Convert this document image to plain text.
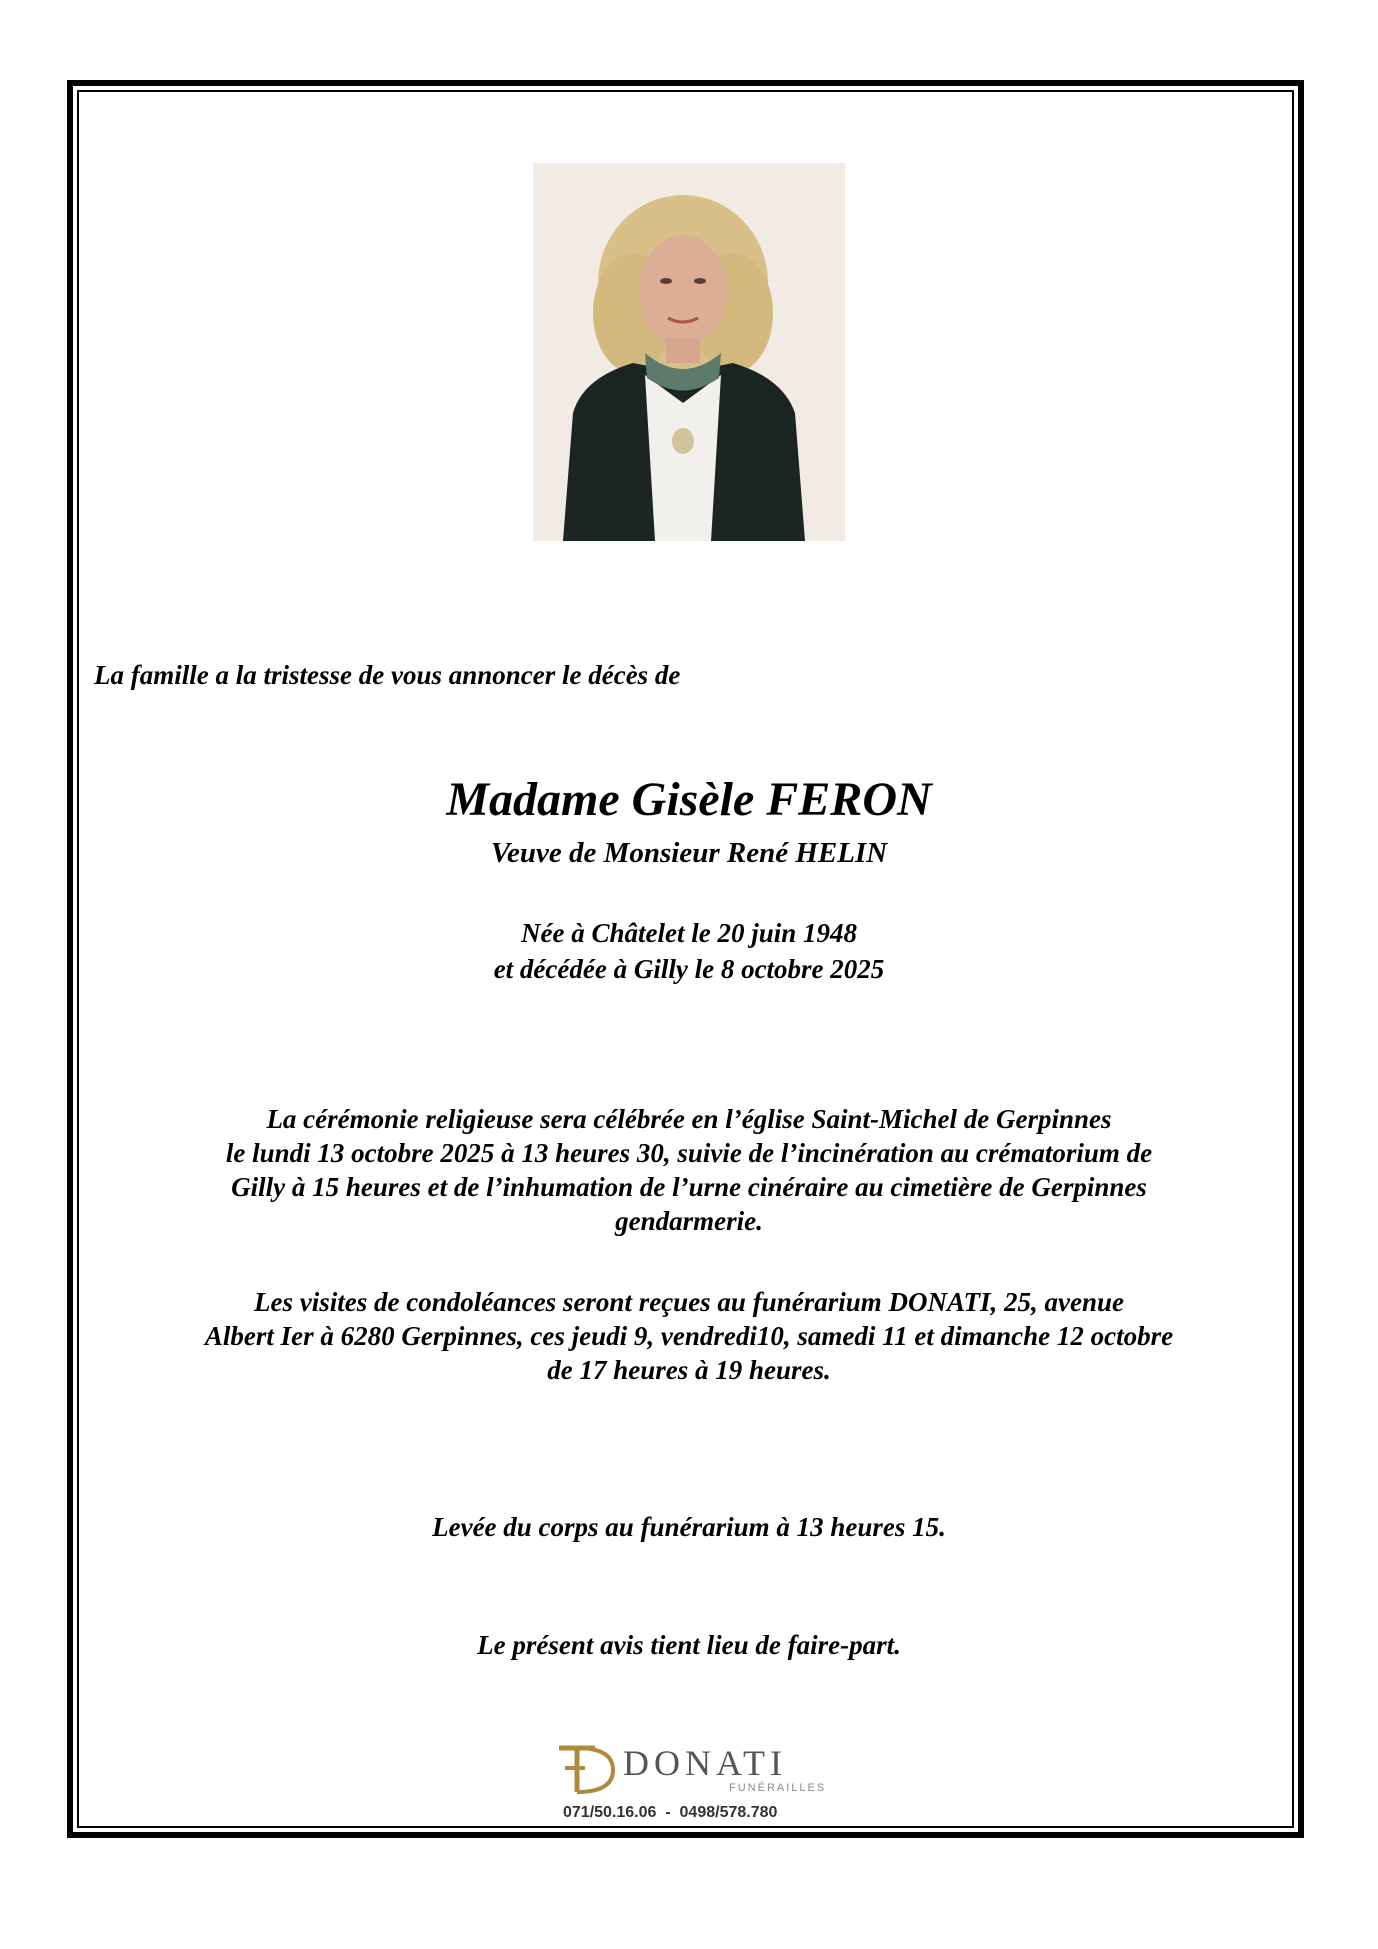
La famille a la tristesse de vous annoncer le décès de
Madame Gisèle FERON
Veuve de Monsieur René HELIN
Née à Châtelet le 20 juin 1948
et décédée à Gilly le 8 octobre 2025
La cérémonie religieuse sera célébrée en l’église Saint-Michel de Gerpinnes
le lundi 13 octobre 2025 à 13 heures 30, suivie de l’incinération au crématorium de
Gilly à 15 heures et de l’inhumation de l’urne cinéraire au cimetière de Gerpinnes
gendarmerie.
Les visites de condoléances seront reçues au funérarium DONATI, 25, avenue
Albert Ier à 6280 Gerpinnes, ces jeudi 9, vendredi10, samedi 11 et dimanche 12 octobre
de 17 heures à 19 heures.
Levée du corps au funérarium à 13 heures 15.
Le présent avis tient lieu de faire-part.
DONATI
FUNÉRAILLES
071/50.16.06  -  0498/578.780
